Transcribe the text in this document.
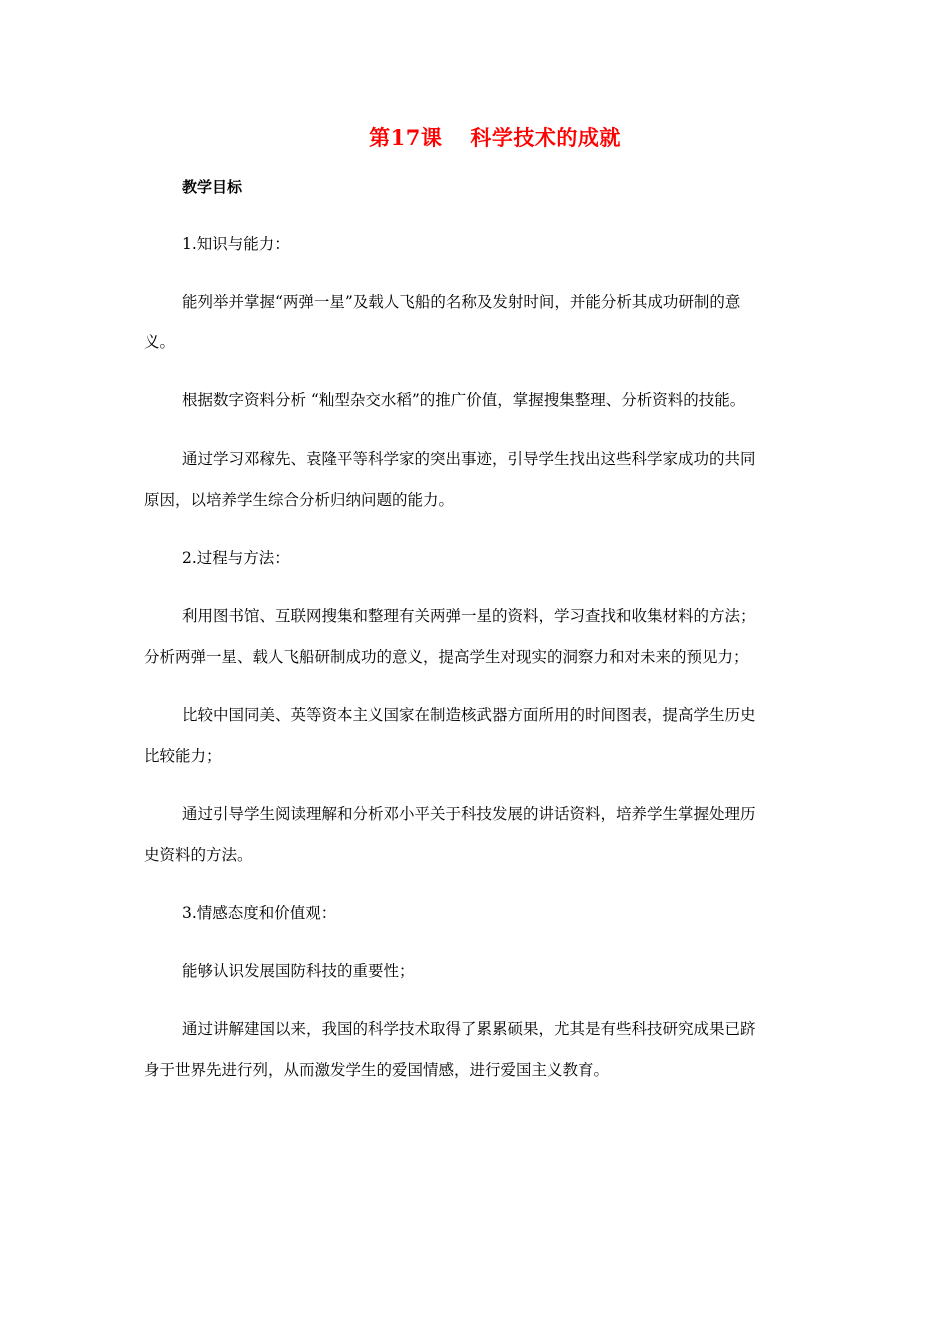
第17课 科学技术的成就
教学目标
1.知识与能力：
能列举并掌握“两弹一星”及载人飞船的名称及发射时间，并能分析其成功研制的意
义。
根据数字资料分析 “籼型杂交水稻”的推广价值，掌握搜集整理、分析资料的技能。
通过学习邓稼先、袁隆平等科学家的突出事迹，引导学生找出这些科学家成功的共同
原因，以培养学生综合分析归纳问题的能力。
2.过程与方法：
利用图书馆、互联网搜集和整理有关两弹一星的资料，学习查找和收集材料的方法；
分析两弹一星、载人飞船研制成功的意义，提高学生对现实的洞察力和对未来的预见力；
比较中国同美、英等资本主义国家在制造核武器方面所用的时间图表，提高学生历史
比较能力；
通过引导学生阅读理解和分析邓小平关于科技发展的讲话资料，培养学生掌握处理历
史资料的方法。
3.情感态度和价值观：
能够认识发展国防科技的重要性；
通过讲解建国以来，我国的科学技术取得了累累硕果，尤其是有些科技研究成果已跻
身于世界先进行列，从而激发学生的爱国情感，进行爱国主义教育。
